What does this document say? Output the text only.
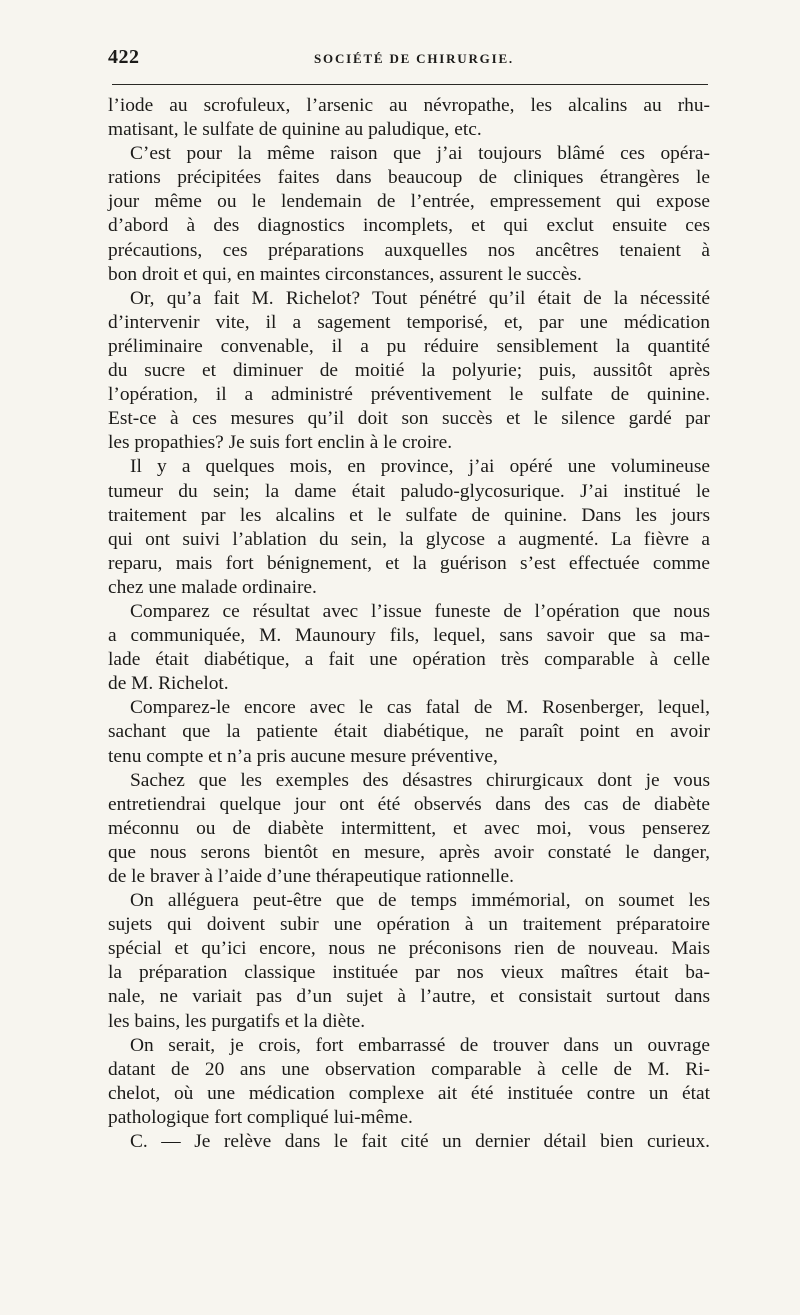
422	SOCIÉTÉ DE CHIRURGIE.
l’iode au scrofuleux, l’arsenic au névropathe, les alcalins au rhu-
matisant, le sulfate de quinine au paludique, etc.
C’est pour la même raison que j’ai toujours blâmé ces opéra-
rations précipitées faites dans beaucoup de cliniques étrangères le
jour même ou le lendemain de l’entrée, empressement qui expose
d’abord à des diagnostics incomplets, et qui exclut ensuite ces
précautions, ces préparations auxquelles nos ancêtres tenaient à
bon droit et qui, en maintes circonstances, assurent le succès.
Or, qu’a fait M. Richelot? Tout pénétré qu’il était de la nécessité
d’intervenir vite, il a sagement temporisé, et, par une médication
préliminaire convenable, il a pu réduire sensiblement la quantité
du sucre et diminuer de moitié la polyurie; puis, aussitôt après
l’opération, il a administré préventivement le sulfate de quinine.
Est-ce à ces mesures qu’il doit son succès et le silence gardé par
les propathies? Je suis fort enclin à le croire.
Il y a quelques mois, en province, j’ai opéré une volumineuse
tumeur du sein; la dame était paludo-glycosurique. J’ai institué le
traitement par les alcalins et le sulfate de quinine. Dans les jours
qui ont suivi l’ablation du sein, la glycose a augmenté. La fièvre a
reparu, mais fort bénignement, et la guérison s’est effectuée comme
chez une malade ordinaire.
Comparez ce résultat avec l’issue funeste de l’opération que nous
a communiquée, M. Maunoury fils, lequel, sans savoir que sa ma-
lade était diabétique, a fait une opération très comparable à celle
de M. Richelot.
Comparez-le encore avec le cas fatal de M. Rosenberger, lequel,
sachant que la patiente était diabétique, ne paraît point en avoir
tenu compte et n’a pris aucune mesure préventive,
Sachez que les exemples des désastres chirurgicaux dont je vous
entretiendrai quelque jour ont été observés dans des cas de diabète
méconnu ou de diabète intermittent, et avec moi, vous penserez
que nous serons bientôt en mesure, après avoir constaté le danger,
de le braver à l’aide d’une thérapeutique rationnelle.
On alléguera peut-être que de temps immémorial, on soumet les
sujets qui doivent subir une opération à un traitement préparatoire
spécial et qu’ici encore, nous ne préconisons rien de nouveau. Mais
la préparation classique instituée par nos vieux maîtres était ba-
nale, ne variait pas d’un sujet à l’autre, et consistait surtout dans
les bains, les purgatifs et la diète.
On serait, je crois, fort embarrassé de trouver dans un ouvrage
datant de 20 ans une observation comparable à celle de M. Ri-
chelot, où une médication complexe ait été instituée contre un état
pathologique fort compliqué lui-même.
C. — Je relève dans le fait cité un dernier détail bien curieux.
